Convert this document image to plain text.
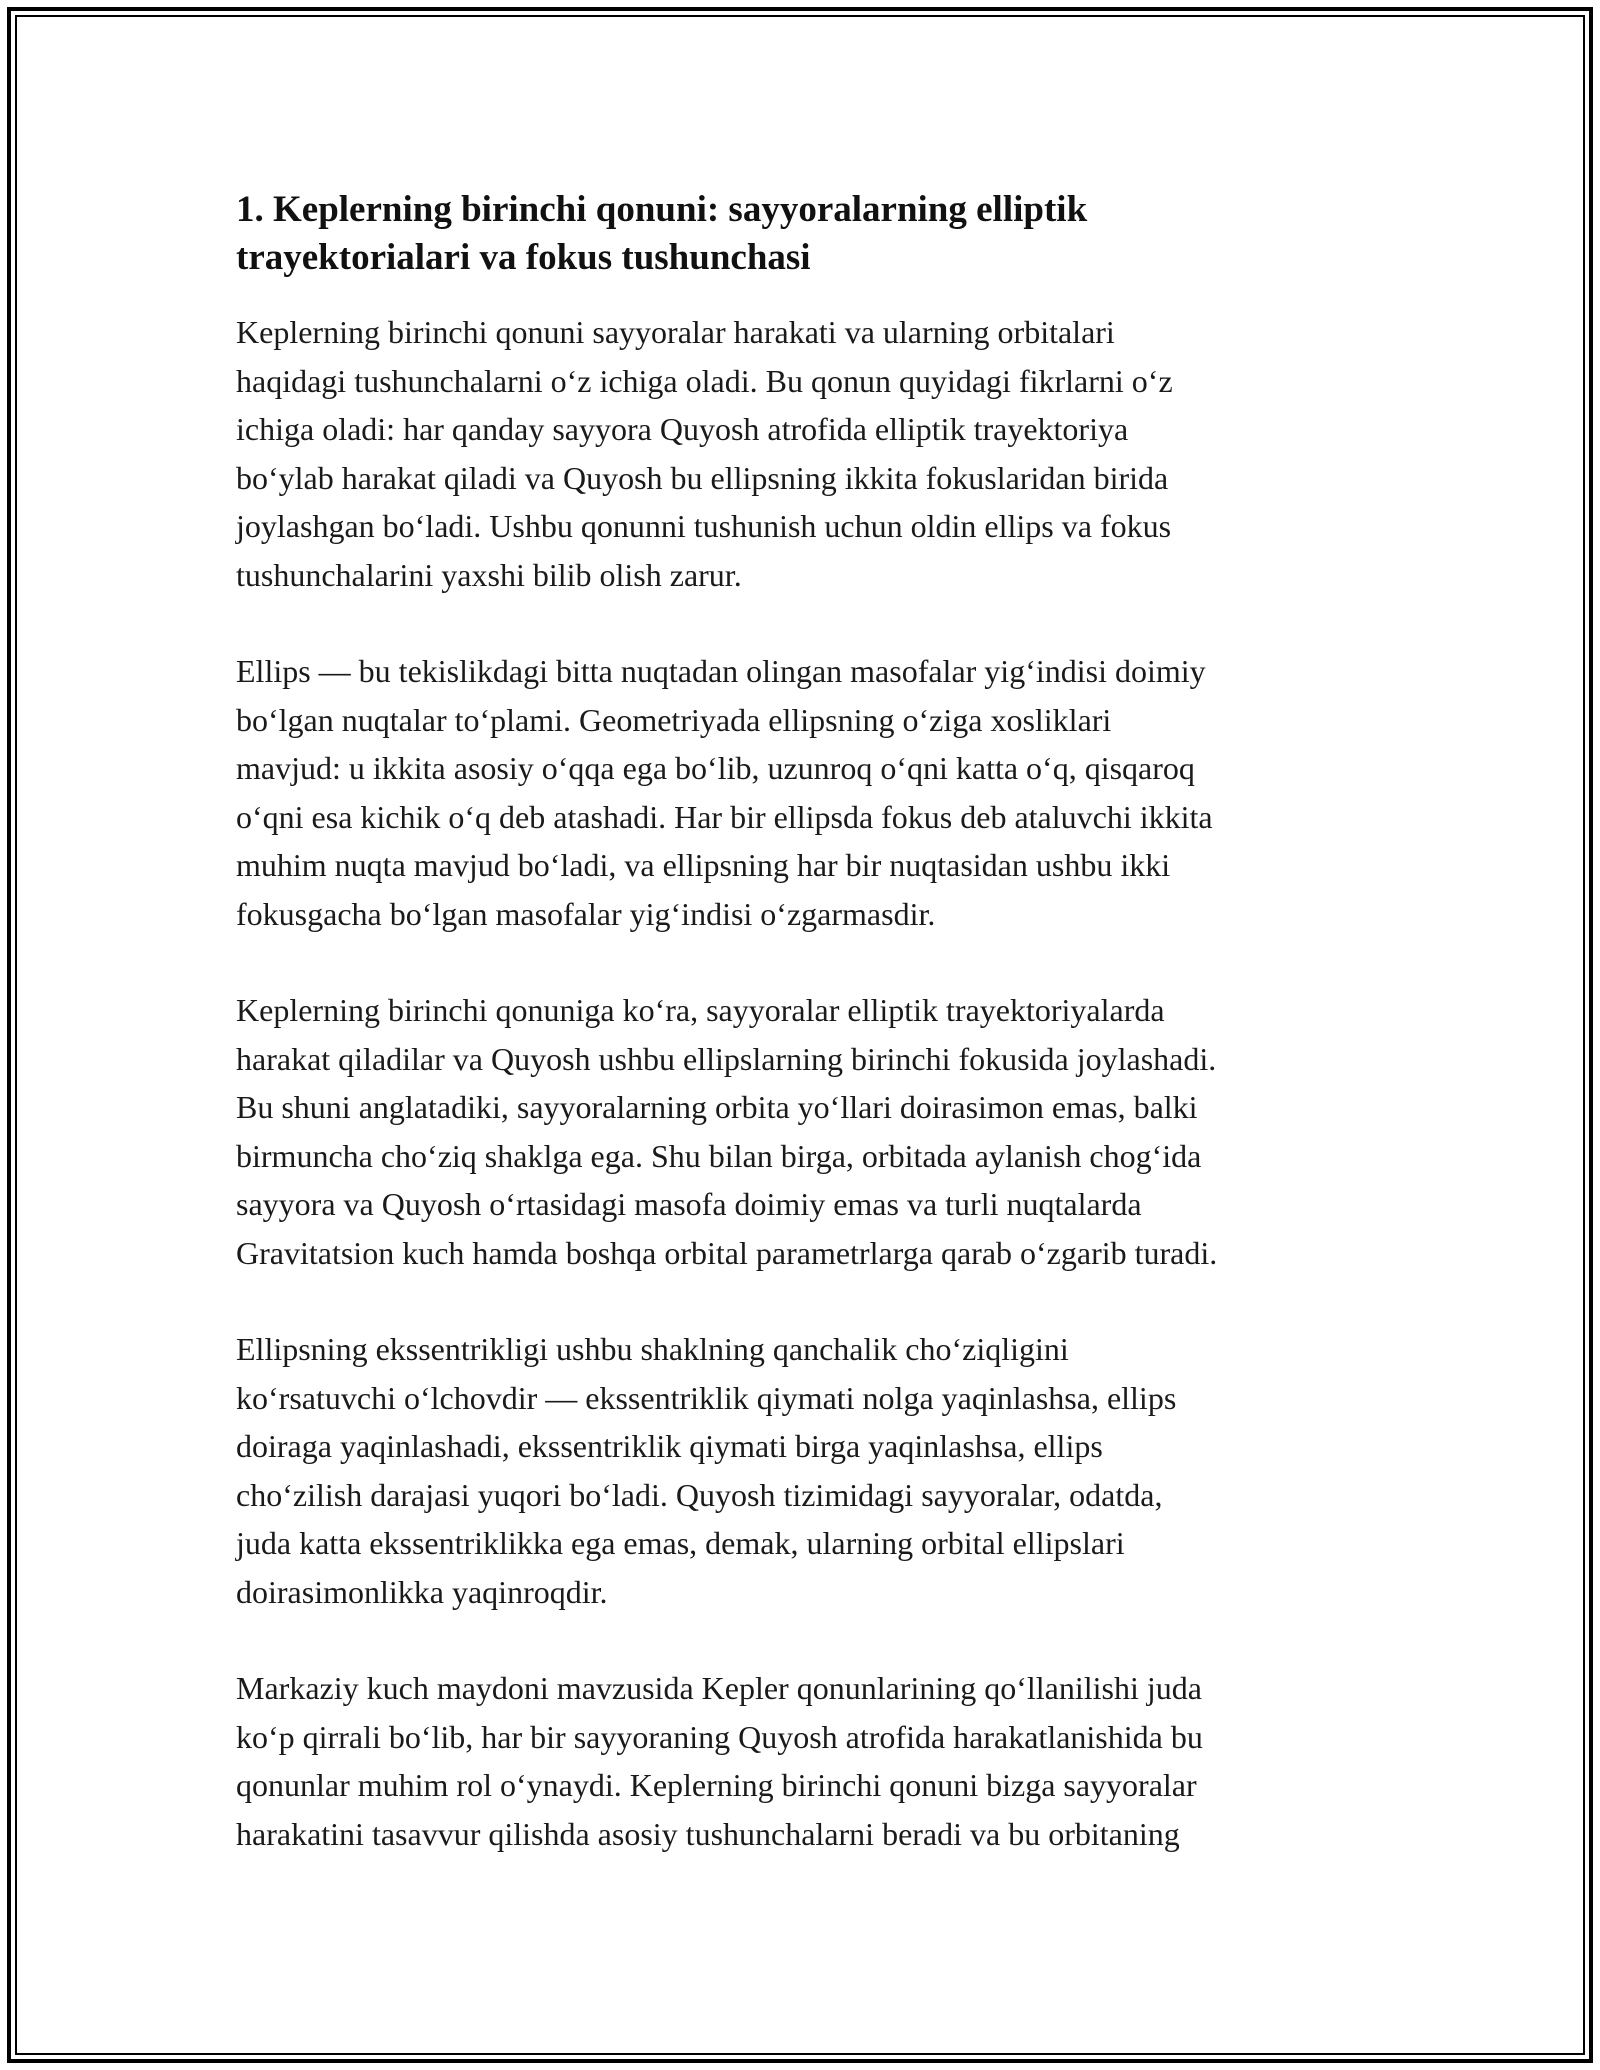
1. Keplerning birinchi qonuni: sayyoralarning elliptik
trayektorialari va fokus tushunchasi

Keplerning birinchi qonuni sayyoralar harakati va ularning orbitalari
haqidagi tushunchalarni o‘z ichiga oladi. Bu qonun quyidagi fikrlarni o‘z
ichiga oladi: har qanday sayyora Quyosh atrofida elliptik trayektoriya
bo‘ylab harakat qiladi va Quyosh bu ellipsning ikkita fokuslaridan birida
joylashgan bo‘ladi. Ushbu qonunni tushunish uchun oldin ellips va fokus
tushunchalarini yaxshi bilib olish zarur.

Ellips — bu tekislikdagi bitta nuqtadan olingan masofalar yig‘indisi doimiy
bo‘lgan nuqtalar to‘plami. Geometriyada ellipsning o‘ziga xosliklari
mavjud: u ikkita asosiy o‘qqa ega bo‘lib, uzunroq o‘qni katta o‘q, qisqaroq
o‘qni esa kichik o‘q deb atashadi. Har bir ellipsda fokus deb ataluvchi ikkita
muhim nuqta mavjud bo‘ladi, va ellipsning har bir nuqtasidan ushbu ikki
fokusgacha bo‘lgan masofalar yig‘indisi o‘zgarmasdir.

Keplerning birinchi qonuniga ko‘ra, sayyoralar elliptik trayektoriyalarda
harakat qiladilar va Quyosh ushbu ellipslarning birinchi fokusida joylashadi.
Bu shuni anglatadiki, sayyoralarning orbita yo‘llari doirasimon emas, balki
birmuncha cho‘ziq shaklga ega. Shu bilan birga, orbitada aylanish chog‘ida
sayyora va Quyosh o‘rtasidagi masofa doimiy emas va turli nuqtalarda
Gravitatsion kuch hamda boshqa orbital parametrlarga qarab o‘zgarib turadi.

Ellipsning ekssentrikligi ushbu shaklning qanchalik cho‘ziqligini
ko‘rsatuvchi o‘lchovdir — ekssentriklik qiymati nolga yaqinlashsa, ellips
doiraga yaqinlashadi, ekssentriklik qiymati birga yaqinlashsa, ellips
cho‘zilish darajasi yuqori bo‘ladi. Quyosh tizimidagi sayyoralar, odatda,
juda katta ekssentriklikka ega emas, demak, ularning orbital ellipslari
doirasimonlikka yaqinroqdir.

Markaziy kuch maydoni mavzusida Kepler qonunlarining qo‘llanilishi juda
ko‘p qirrali bo‘lib, har bir sayyoraning Quyosh atrofida harakatlanishida bu
qonunlar muhim rol o‘ynaydi. Keplerning birinchi qonuni bizga sayyoralar
harakatini tasavvur qilishda asosiy tushunchalarni beradi va bu orbitaning
